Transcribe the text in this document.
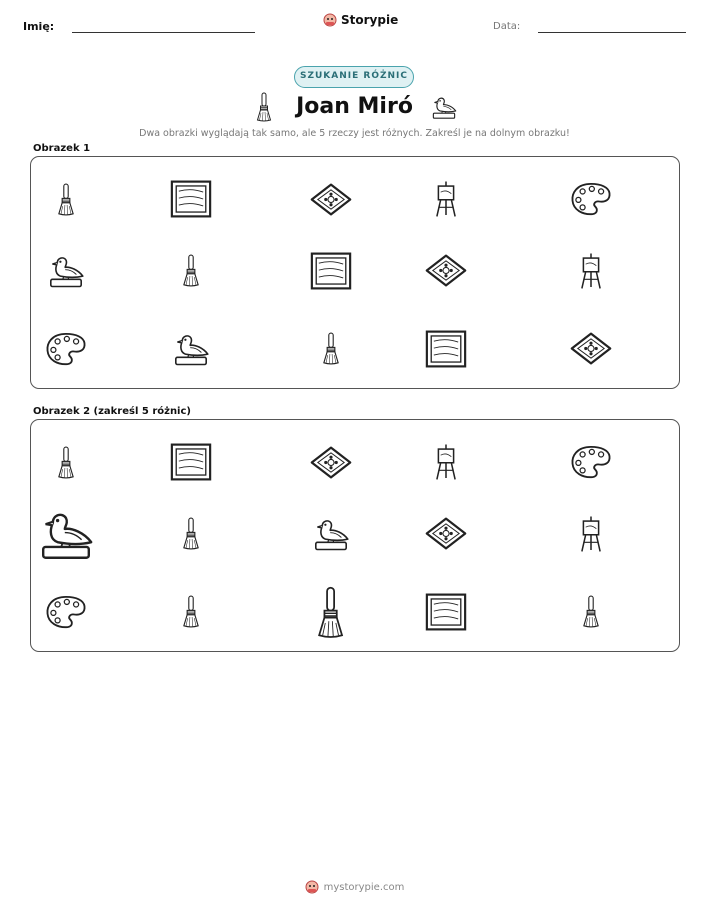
Imię:	Storypie	Data:
SZUKANIE RÓŻNIC
Joan Miró
Dwa obrazki wyglądają tak samo, ale 5 rzeczy jest różnych. Zakreśl je na dolnym obrazku!
Obrazek 1
Obrazek 2 (zakreśl 5 różnic)
mystorypie.com
